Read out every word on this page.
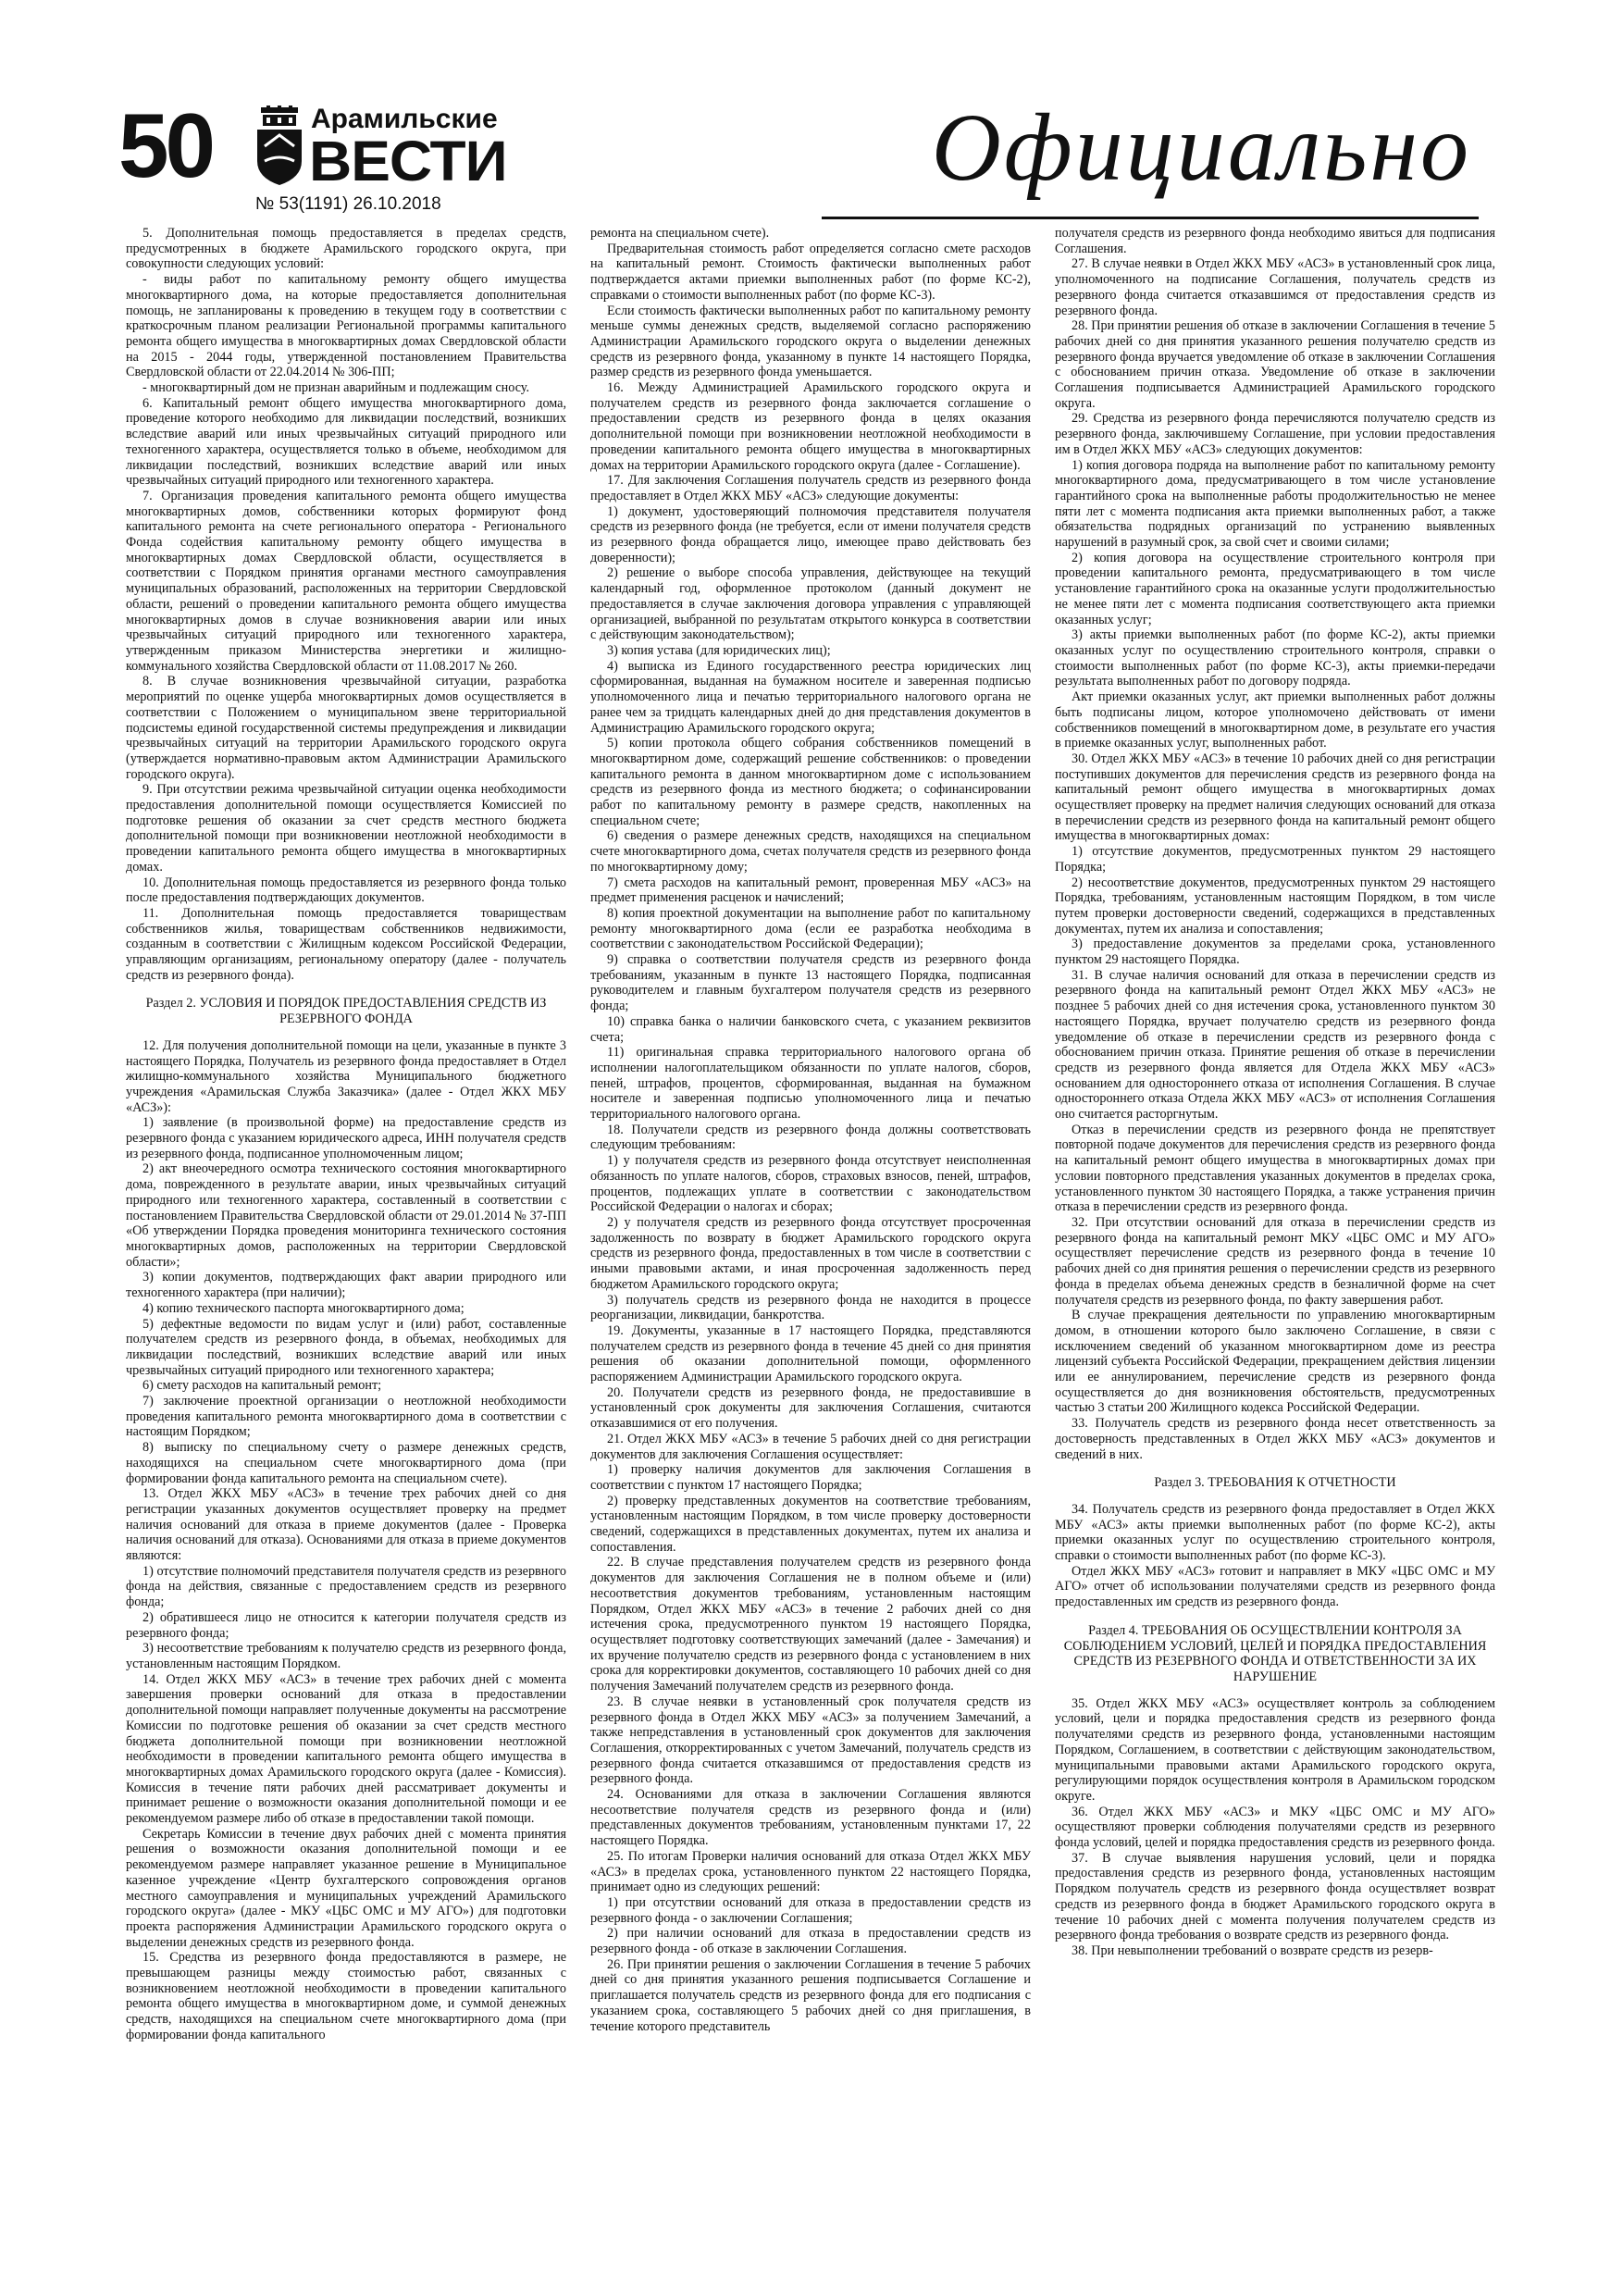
50	Арамильские
ВЕСТИ
№ 53(1191) 26.10.2018
Официально

5. Дополнительная помощь предоставляется в пределах средств, предусмотренных в бюджете Арамильского городского округа, при совокупности следующих условий:

- виды работ по капитальному ремонту общего имущества многоквартирного дома, на которые предоставляется дополнительная помощь, не запланированы к проведению в текущем году в соответствии с краткосрочным планом реализации Региональной программы капитального ремонта общего имущества в многоквартирных домах Свердловской области на 2015 - 2044 годы, утвержденной постановлением Правительства Свердловской области от 22.04.2014 № 306-ПП;

- многоквартирный дом не признан аварийным и подлежащим сносу.

6. Капитальный ремонт общего имущества многоквартирного дома, проведение которого необходимо для ликвидации последствий, возникших вследствие аварий или иных чрезвычайных ситуаций природного или техногенного характера, осуществляется только в объеме, необходимом для ликвидации последствий, возникших вследствие аварий или иных чрезвычайных ситуаций природного или техногенного характера.

7. Организация проведения капитального ремонта общего имущества многоквартирных домов, собственники которых формируют фонд капитального ремонта на счете регионального оператора - Регионального Фонда содействия капитальному ремонту общего имущества в многоквартирных домах Свердловской области, осуществляется в соответствии с Порядком принятия органами местного самоуправления муниципальных образований, расположенных на территории Свердловской области, решений о проведении капитального ремонта общего имущества многоквартирных домов в случае возникновения аварии или иных чрезвычайных ситуаций природного или техногенного характера, утвержденным приказом Министерства энергетики и жилищно-коммунального хозяйства Свердловской области от 11.08.2017 № 260.

8. В случае возникновения чрезвычайной ситуации, разработка мероприятий по оценке ущерба многоквартирных домов осуществляется в соответствии с Положением о муниципальном звене территориальной подсистемы единой государственной системы предупреждения и ликвидации чрезвычайных ситуаций на территории Арамильского городского округа (утверждается нормативно-правовым актом Администрации Арамильского городского округа).

9. При отсутствии режима чрезвычайной ситуации оценка необходимости предоставления дополнительной помощи осуществляется Комиссией по подготовке решения об оказании за счет средств местного бюджета дополнительной помощи при возникновении неотложной необходимости в проведении капитального ремонта общего имущества в многоквартирных домах.

10. Дополнительная помощь предоставляется из резервного фонда только после предоставления подтверждающих документов.

11. Дополнительная помощь предоставляется товариществам собственников жилья, товариществам собственников недвижимости, созданным в соответствии с Жилищным кодексом Российской Федерации, управляющим организациям, региональному оператору (далее - получатель средств из резервного фонда).

Раздел 2. УСЛОВИЯ И ПОРЯДОК ПРЕДОСТАВЛЕНИЯ СРЕДСТВ ИЗ РЕЗЕРВНОГО ФОНДА

12. Для получения дополнительной помощи на цели, указанные в пункте 3 настоящего Порядка, Получатель из резервного фонда предоставляет в Отдел жилищно-коммунального хозяйства Муниципального бюджетного учреждения «Арамильская Служба Заказчика» (далее - Отдел ЖКХ МБУ «АСЗ»):

1) заявление (в произвольной форме) на предоставление средств из резервного фонда с указанием юридического адреса, ИНН получателя средств из резервного фонда, подписанное уполномоченным лицом;

2) акт внеочередного осмотра технического состояния многоквартирного дома, поврежденного в результате аварии, иных чрезвычайных ситуаций природного или техногенного характера, составленный в соответствии с постановлением Правительства Свердловской области от 29.01.2014 № 37-ПП «Об утверждении Порядка проведения мониторинга технического состояния многоквартирных домов, расположенных на территории Свердловской области»;

3) копии документов, подтверждающих факт аварии природного или техногенного характера (при наличии);

4) копию технического паспорта многоквартирного дома;

5) дефектные ведомости по видам услуг и (или) работ, составленные получателем средств из резервного фонда, в объемах, необходимых для ликвидации последствий, возникших вследствие аварий или иных чрезвычайных ситуаций природного или техногенного характера;

6) смету расходов на капитальный ремонт;

7) заключение проектной организации о неотложной необходимости проведения капитального ремонта многоквартирного дома в соответствии с настоящим Порядком;

8) выписку по специальному счету о размере денежных средств, находящихся на специальном счете многоквартирного дома (при формировании фонда капитального ремонта на специальном счете).

13. Отдел ЖКХ МБУ «АСЗ» в течение трех рабочих дней со дня регистрации указанных документов осуществляет проверку на предмет наличия оснований для отказа в приеме документов (далее - Проверка наличия оснований для отказа). Основаниями для отказа в приеме документов являются:

1) отсутствие полномочий представителя получателя средств из резервного фонда на действия, связанные с предоставлением средств из резервного фонда;

2) обратившееся лицо не относится к категории получателя средств из резервного фонда;

3) несоответствие требованиям к получателю средств из резервного фонда, установленным настоящим Порядком.

14. Отдел ЖКХ МБУ «АСЗ» в течение трех рабочих дней с момента завершения проверки оснований для отказа в предоставлении дополнительной помощи направляет полученные документы на рассмотрение Комиссии по подготовке решения об оказании за счет средств местного бюджета дополнительной помощи при возникновении неотложной необходимости в проведении капитального ремонта общего имущества в многоквартирных домах Арамильского городского округа (далее - Комиссия). Комиссия в течение пяти рабочих дней рассматривает документы и принимает решение о возможности оказания дополнительной помощи и ее рекомендуемом размере либо об отказе в предоставлении такой помощи.

Секретарь Комиссии в течение двух рабочих дней с момента принятия решения о возможности оказания дополнительной помощи и ее рекомендуемом размере направляет указанное решение в Муниципальное казенное учреждение «Центр бухгалтерского сопровождения органов местного самоуправления и муниципальных учреждений Арамильского городского округа» (далее - МКУ «ЦБС ОМС и МУ АГО») для подготовки проекта распоряжения Администрации Арамильского городского округа о выделении денежных средств из резервного фонда.

15. Средства из резервного фонда предоставляются в размере, не превышающем разницы между стоимостью работ, связанных с возникновением неотложной необходимости в проведении капитального ремонта общего имущества в многоквартирном доме, и суммой денежных средств, находящихся на специальном счете многоквартирного дома (при формировании фонда капитального

ремонта на специальном счете).

Предварительная стоимость работ определяется согласно смете расходов на капитальный ремонт. Стоимость фактически выполненных работ подтверждается актами приемки выполненных работ (по форме КС-2), справками о стоимости выполненных работ (по форме КС-3).

Если стоимость фактически выполненных работ по капитальному ремонту меньше суммы денежных средств, выделяемой согласно распоряжению Администрации Арамильского городского округа о выделении денежных средств из резервного фонда, указанному в пункте 14 настоящего Порядка, размер средств из резервного фонда уменьшается.

16. Между Администрацией Арамильского городского округа и получателем средств из резервного фонда заключается соглашение о предоставлении средств из резервного фонда в целях оказания дополнительной помощи при возникновении неотложной необходимости в проведении капитального ремонта общего имущества в многоквартирных домах на территории Арамильского городского округа (далее - Соглашение).

17. Для заключения Соглашения получатель средств из резервного фонда предоставляет в Отдел ЖКХ МБУ «АСЗ» следующие документы:

1) документ, удостоверяющий полномочия представителя получателя средств из резервного фонда (не требуется, если от имени получателя средств из резервного фонда обращается лицо, имеющее право действовать без доверенности);

2) решение о выборе способа управления, действующее на текущий календарный год, оформленное протоколом (данный документ не предоставляется в случае заключения договора управления с управляющей организацией, выбранной по результатам открытого конкурса в соответствии с действующим законодательством);

3) копия устава (для юридических лиц);

4) выписка из Единого государственного реестра юридических лиц сформированная, выданная на бумажном носителе и заверенная подписью уполномоченного лица и печатью территориального налогового органа не ранее чем за тридцать календарных дней до дня представления документов в Администрацию Арамильского городского округа;

5) копии протокола общего собрания собственников помещений в многоквартирном доме, содержащий решение собственников: о проведении капитального ремонта в данном многоквартирном доме с использованием средств из резервного фонда из местного бюджета; о софинансировании работ по капитальному ремонту в размере средств, накопленных на специальном счете;

6) сведения о размере денежных средств, находящихся на специальном счете многоквартирного дома, счетах получателя средств из резервного фонда по многоквартирному дому;

7) смета расходов на капитальный ремонт, проверенная МБУ «АСЗ» на предмет применения расценок и начислений;

8) копия проектной документации на выполнение работ по капитальному ремонту многоквартирного дома (если ее разработка необходима в соответствии с законодательством Российской Федерации);

9) справка о соответствии получателя средств из резервного фонда требованиям, указанным в пункте 13 настоящего Порядка, подписанная руководителем и главным бухгалтером получателя средств из резервного фонда;

10) справка банка о наличии банковского счета, с указанием реквизитов счета;

11) оригинальная справка территориального налогового органа об исполнении налогоплательщиком обязанности по уплате налогов, сборов, пеней, штрафов, процентов, сформированная, выданная на бумажном носителе и заверенная подписью уполномоченного лица и печатью территориального налогового органа.

18. Получатели средств из резервного фонда должны соответствовать следующим требованиям:

1) у получателя средств из резервного фонда отсутствует неисполненная обязанность по уплате налогов, сборов, страховых взносов, пеней, штрафов, процентов, подлежащих уплате в соответствии с законодательством Российской Федерации о налогах и сборах;

2) у получателя средств из резервного фонда отсутствует просроченная задолженность по возврату в бюджет Арамильского городского округа средств из резервного фонда, предоставленных в том числе в соответствии с иными правовыми актами, и иная просроченная задолженность перед бюджетом Арамильского городского округа;

3) получатель средств из резервного фонда не находится в процессе реорганизации, ликвидации, банкротства.

19. Документы, указанные в 17 настоящего Порядка, представляются получателем средств из резервного фонда в течение 45 дней со дня принятия решения об оказании дополнительной помощи, оформленного распоряжением Администрации Арамильского городского округа.

20. Получатели средств из резервного фонда, не предоставившие в установленный срок документы для заключения Соглашения, считаются отказавшимися от его получения.

21. Отдел ЖКХ МБУ «АСЗ» в течение 5 рабочих дней со дня регистрации документов для заключения Соглашения осуществляет:

1) проверку наличия документов для заключения Соглашения в соответствии с пунктом 17 настоящего Порядка;

2) проверку представленных документов на соответствие требованиям, установленным настоящим Порядком, в том числе проверку достоверности сведений, содержащихся в представленных документах, путем их анализа и сопоставления.

22. В случае представления получателем средств из резервного фонда документов для заключения Соглашения не в полном объеме и (или) несоответствия документов требованиям, установленным настоящим Порядком, Отдел ЖКХ МБУ «АСЗ» в течение 2 рабочих дней со дня истечения срока, предусмотренного пунктом 19 настоящего Порядка, осуществляет подготовку соответствующих замечаний (далее - Замечания) и их вручение получателю средств из резервного фонда с установлением в них срока для корректировки документов, составляющего 10 рабочих дней со дня получения Замечаний получателем средств из резервного фонда.

23. В случае неявки в установленный срок получателя средств из резервного фонда в Отдел ЖКХ МБУ «АСЗ» за получением Замечаний, а также непредставления в установленный срок документов для заключения Соглашения, откорректированных с учетом Замечаний, получатель средств из резервного фонда считается отказавшимся от предоставления средств из резервного фонда.

24. Основаниями для отказа в заключении Соглашения являются несоответствие получателя средств из резервного фонда и (или) представленных документов требованиям, установленным пунктами 17, 22 настоящего Порядка.

25. По итогам Проверки наличия оснований для отказа Отдел ЖКХ МБУ «АСЗ» в пределах срока, установленного пунктом 22 настоящего Порядка, принимает одно из следующих решений:

1) при отсутствии оснований для отказа в предоставлении средств из резервного фонда - о заключении Соглашения;

2) при наличии оснований для отказа в предоставлении средств из резервного фонда - об отказе в заключении Соглашения.

26. При принятии решения о заключении Соглашения в течение 5 рабочих дней со дня принятия указанного решения подписывается Соглашение и приглашается получатель средств из резервного фонда для его подписания с указанием срока, составляющего 5 рабочих дней со дня приглашения, в течение которого представитель

получателя средств из резервного фонда необходимо явиться для подписания Соглашения.

27. В случае неявки в Отдел ЖКХ МБУ «АСЗ» в установленный срок лица, уполномоченного на подписание Соглашения, получатель средств из резервного фонда считается отказавшимся от предоставления средств из резервного фонда.

28. При принятии решения об отказе в заключении Соглашения в течение 5 рабочих дней со дня принятия указанного решения получателю средств из резервного фонда вручается уведомление об отказе в заключении Соглашения с обоснованием причин отказа. Уведомление об отказе в заключении Соглашения подписывается Администрацией Арамильского городского округа.

29. Средства из резервного фонда перечисляются получателю средств из резервного фонда, заключившему Соглашение, при условии предоставления им в Отдел ЖКХ МБУ «АСЗ» следующих документов:

1) копия договора подряда на выполнение работ по капитальному ремонту многоквартирного дома, предусматривающего в том числе установление гарантийного срока на выполненные работы продолжительностью не менее пяти лет с момента подписания акта приемки выполненных работ, а также обязательства подрядных организаций по устранению выявленных нарушений в разумный срок, за свой счет и своими силами;

2) копия договора на осуществление строительного контроля при проведении капитального ремонта, предусматривающего в том числе установление гарантийного срока на оказанные услуги продолжительностью не менее пяти лет с момента подписания соответствующего акта приемки оказанных услуг;

3) акты приемки выполненных работ (по форме КС-2), акты приемки оказанных услуг по осуществлению строительного контроля, справки о стоимости выполненных работ (по форме КС-3), акты приемки-передачи результата выполненных работ по договору подряда.

Акт приемки оказанных услуг, акт приемки выполненных работ должны быть подписаны лицом, которое уполномочено действовать от имени собственников помещений в многоквартирном доме, в результате его участия в приемке оказанных услуг, выполненных работ.

30. Отдел ЖКХ МБУ «АСЗ» в течение 10 рабочих дней со дня регистрации поступивших документов для перечисления средств из резервного фонда на капитальный ремонт общего имущества в многоквартирных домах осуществляет проверку на предмет наличия следующих оснований для отказа в перечислении средств из резервного фонда на капитальный ремонт общего имущества в многоквартирных домах:

1) отсутствие документов, предусмотренных пунктом 29 настоящего Порядка;

2) несоответствие документов, предусмотренных пунктом 29 настоящего Порядка, требованиям, установленным настоящим Порядком, в том числе путем проверки достоверности сведений, содержащихся в представленных документах, путем их анализа и сопоставления;

3) предоставление документов за пределами срока, установленного пунктом 29 настоящего Порядка.

31. В случае наличия оснований для отказа в перечислении средств из резервного фонда на капитальный ремонт Отдел ЖКХ МБУ «АСЗ» не позднее 5 рабочих дней со дня истечения срока, установленного пунктом 30 настоящего Порядка, вручает получателю средств из резервного фонда уведомление об отказе в перечислении средств из резервного фонда с обоснованием причин отказа. Принятие решения об отказе в перечислении средств из резервного фонда является для Отдела ЖКХ МБУ «АСЗ» основанием для одностороннего отказа от исполнения Соглашения. В случае одностороннего отказа Отдела ЖКХ МБУ «АСЗ» от исполнения Соглашения оно считается расторгнутым.

Отказ в перечислении средств из резервного фонда не препятствует повторной подаче документов для перечисления средств из резервного фонда на капитальный ремонт общего имущества в многоквартирных домах при условии повторного представления указанных документов в пределах срока, установленного пунктом 30 настоящего Порядка, а также устранения причин отказа в перечислении средств из резервного фонда.

32. При отсутствии оснований для отказа в перечислении средств из резервного фонда на капитальный ремонт МКУ «ЦБС ОМС и МУ АГО» осуществляет перечисление средств из резервного фонда в течение 10 рабочих дней со дня принятия решения о перечислении средств из резервного фонда в пределах объема денежных средств в безналичной форме на счет получателя средств из резервного фонда, по факту завершения работ.

В случае прекращения деятельности по управлению многоквартирным домом, в отношении которого было заключено Соглашение, в связи с исключением сведений об указанном многоквартирном доме из реестра лицензий субъекта Российской Федерации, прекращением действия лицензии или ее аннулированием, перечисление средств из резервного фонда осуществляется до дня возникновения обстоятельств, предусмотренных частью 3 статьи 200 Жилищного кодекса Российской Федерации.

33. Получатель средств из резервного фонда несет ответственность за достоверность представленных в Отдел ЖКХ МБУ «АСЗ» документов и сведений в них.

Раздел 3. ТРЕБОВАНИЯ К ОТЧЕТНОСТИ

34. Получатель средств из резервного фонда предоставляет в Отдел ЖКХ МБУ «АСЗ» акты приемки выполненных работ (по форме КС-2), акты приемки оказанных услуг по осуществлению строительного контроля, справки о стоимости выполненных работ (по форме КС-3).

Отдел ЖКХ МБУ «АСЗ» готовит и направляет в МКУ «ЦБС ОМС и МУ АГО» отчет об использовании получателями средств из резервного фонда предоставленных им средств из резервного фонда.

Раздел 4. ТРЕБОВАНИЯ ОБ ОСУЩЕСТВЛЕНИИ КОНТРОЛЯ ЗА СОБЛЮДЕНИЕМ УСЛОВИЙ, ЦЕЛЕЙ И ПОРЯДКА ПРЕДОСТАВЛЕНИЯ СРЕДСТВ ИЗ РЕЗЕРВНОГО ФОНДА И ОТВЕТСТВЕННОСТИ ЗА ИХ НАРУШЕНИЕ

35. Отдел ЖКХ МБУ «АСЗ» осуществляет контроль за соблюдением условий, цели и порядка предоставления средств из резервного фонда получателями средств из резервного фонда, установленными настоящим Порядком, Соглашением, в соответствии с действующим законодательством, муниципальными правовыми актами Арамильского городского округа, регулирующими порядок осуществления контроля в Арамильском городском округе.

36. Отдел ЖКХ МБУ «АСЗ» и МКУ «ЦБС ОМС и МУ АГО» осуществляют проверки соблюдения получателями средств из резервного фонда условий, целей и порядка предоставления средств из резервного фонда.

37. В случае выявления нарушения условий, цели и порядка предоставления средств из резервного фонда, установленных настоящим Порядком получатель средств из резервного фонда осуществляет возврат средств из резервного фонда в бюджет Арамильского городского округа в течение 10 рабочих дней с момента получения получателем средств из резервного фонда требования о возврате средств из резервного фонда.

38. При невыполнении требований о возврате средств из резерв-
